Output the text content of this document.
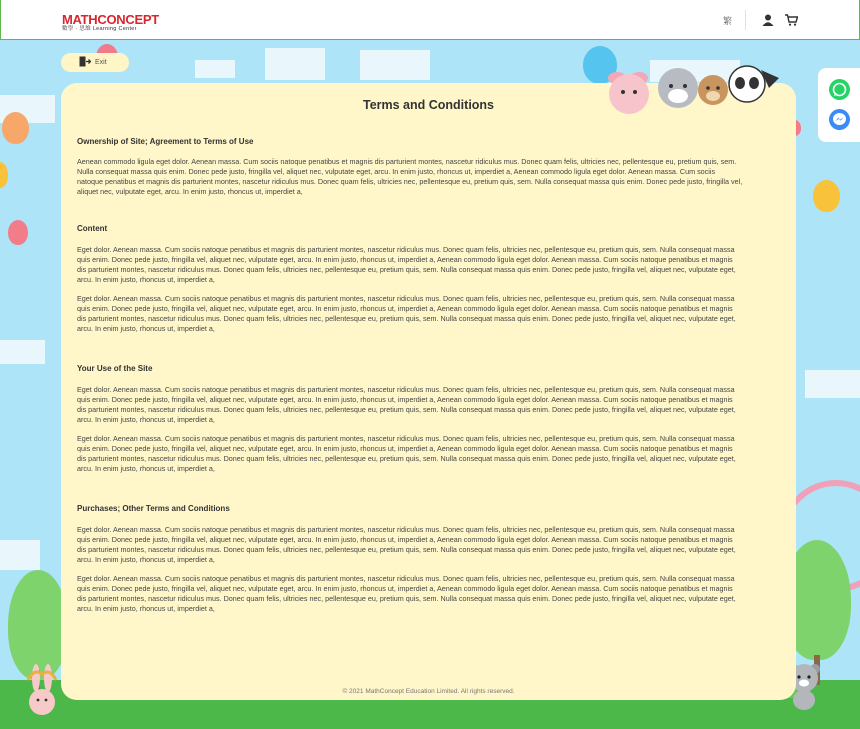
MATHCONCEPT
數學 · 思維 Learning Center
繁
Exit
Terms and Conditions

Ownership of Site; Agreement to Terms of Use

Aenean commodo ligula eget dolor. Aenean massa. Cum sociis natoque penatibus et magnis dis parturient montes, nascetur ridiculus mus. Donec quam felis, ultricies nec, pellentesque eu, pretium quis, sem. Nulla consequat massa quis enim. Donec pede justo, fringilla vel, aliquet nec, vulputate eget, arcu. In enim justo, rhoncus ut, imperdiet a, Aenean commodo ligula eget dolor. Aenean massa. Cum sociis natoque penatibus et magnis dis parturient montes, nascetur ridiculus mus. Donec quam felis, ultricies nec, pellentesque eu, pretium quis, sem. Nulla consequat massa quis enim. Donec pede justo, fringilla vel, aliquet nec, vulputate eget, arcu. In enim justo, rhoncus ut, imperdiet a,

Content

Eget dolor. Aenean massa. Cum sociis natoque penatibus et magnis dis parturient montes, nascetur ridiculus mus. Donec quam felis, ultricies nec, pellentesque eu, pretium quis, sem. Nulla consequat massa quis enim. Donec pede justo, fringilla vel, aliquet nec, vulputate eget, arcu. In enim justo, rhoncus ut, imperdiet a, Aenean commodo ligula eget dolor. Aenean massa. Cum sociis natoque penatibus et magnis dis parturient montes, nascetur ridiculus mus. Donec quam felis, ultricies nec, pellentesque eu, pretium quis, sem. Nulla consequat massa quis enim. Donec pede justo, fringilla vel, aliquet nec, vulputate eget, arcu. In enim justo, rhoncus ut, imperdiet a,

Eget dolor. Aenean massa. Cum sociis natoque penatibus et magnis dis parturient montes, nascetur ridiculus mus. Donec quam felis, ultricies nec, pellentesque eu, pretium quis, sem. Nulla consequat massa quis enim. Donec pede justo, fringilla vel, aliquet nec, vulputate eget, arcu. In enim justo, rhoncus ut, imperdiet a, Aenean commodo ligula eget dolor. Aenean massa. Cum sociis natoque penatibus et magnis dis parturient montes, nascetur ridiculus mus. Donec quam felis, ultricies nec, pellentesque eu, pretium quis, sem. Nulla consequat massa quis enim. Donec pede justo, fringilla vel, aliquet nec, vulputate eget, arcu. In enim justo, rhoncus ut, imperdiet a,

Your Use of the Site

Eget dolor. Aenean massa. Cum sociis natoque penatibus et magnis dis parturient montes, nascetur ridiculus mus. Donec quam felis, ultricies nec, pellentesque eu, pretium quis, sem. Nulla consequat massa quis enim. Donec pede justo, fringilla vel, aliquet nec, vulputate eget, arcu. In enim justo, rhoncus ut, imperdiet a, Aenean commodo ligula eget dolor. Aenean massa. Cum sociis natoque penatibus et magnis dis parturient montes, nascetur ridiculus mus. Donec quam felis, ultricies nec, pellentesque eu, pretium quis, sem. Nulla consequat massa quis enim. Donec pede justo, fringilla vel, aliquet nec, vulputate eget, arcu. In enim justo, rhoncus ut, imperdiet a,

Eget dolor. Aenean massa. Cum sociis natoque penatibus et magnis dis parturient montes, nascetur ridiculus mus. Donec quam felis, ultricies nec, pellentesque eu, pretium quis, sem. Nulla consequat massa quis enim. Donec pede justo, fringilla vel, aliquet nec, vulputate eget, arcu. In enim justo, rhoncus ut, imperdiet a, Aenean commodo ligula eget dolor. Aenean massa. Cum sociis natoque penatibus et magnis dis parturient montes, nascetur ridiculus mus. Donec quam felis, ultricies nec, pellentesque eu, pretium quis, sem. Nulla consequat massa quis enim. Donec pede justo, fringilla vel, aliquet nec, vulputate eget, arcu. In enim justo, rhoncus ut, imperdiet a,

Purchases; Other Terms and Conditions

Eget dolor. Aenean massa. Cum sociis natoque penatibus et magnis dis parturient montes, nascetur ridiculus mus. Donec quam felis, ultricies nec, pellentesque eu, pretium quis, sem. Nulla consequat massa quis enim. Donec pede justo, fringilla vel, aliquet nec, vulputate eget, arcu. In enim justo, rhoncus ut, imperdiet a, Aenean commodo ligula eget dolor. Aenean massa. Cum sociis natoque penatibus et magnis dis parturient montes, nascetur ridiculus mus. Donec quam felis, ultricies nec, pellentesque eu, pretium quis, sem. Nulla consequat massa quis enim. Donec pede justo, fringilla vel, aliquet nec, vulputate eget, arcu. In enim justo, rhoncus ut, imperdiet a,

Eget dolor. Aenean massa. Cum sociis natoque penatibus et magnis dis parturient montes, nascetur ridiculus mus. Donec quam felis, ultricies nec, pellentesque eu, pretium quis, sem. Nulla consequat massa quis enim. Donec pede justo, fringilla vel, aliquet nec, vulputate eget, arcu. In enim justo, rhoncus ut, imperdiet a, Aenean commodo ligula eget dolor. Aenean massa. Cum sociis natoque penatibus et magnis dis parturient montes, nascetur ridiculus mus. Donec quam felis, ultricies nec, pellentesque eu, pretium quis, sem. Nulla consequat massa quis enim. Donec pede justo, fringilla vel, aliquet nec, vulputate eget, arcu. In enim justo, rhoncus ut, imperdiet a,

© 2021 MathConcept Education Limited. All rights reserved.
